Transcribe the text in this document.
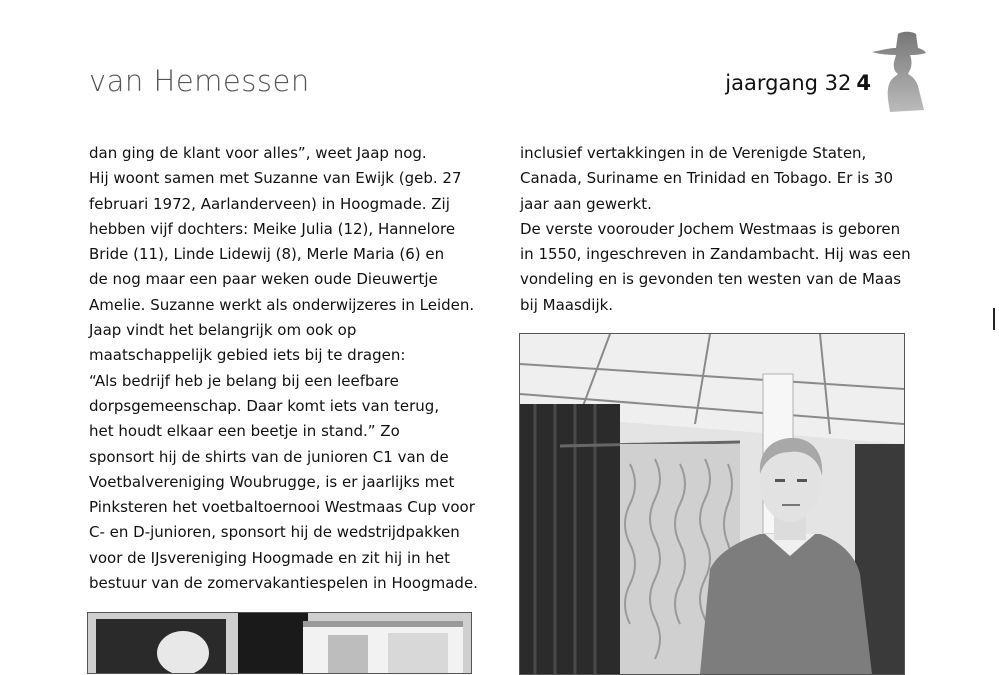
van Hemessen	jaargang 32 4
dan ging de klant voor alles”, weet Jaap nog.
Hij woont samen met Suzanne van Ewijk (geb. 27
februari 1972, Aarlanderveen) in Hoogmade. Zij
hebben vijf dochters: Meike Julia (12), Hannelore
Bride (11), Linde Lidewij (8), Merle Maria (6) en
de nog maar een paar weken oude Dieuwertje
Amelie. Suzanne werkt als onderwijzeres in Leiden.
Jaap vindt het belangrijk om ook op
maatschappelijk gebied iets bij te dragen:
“Als bedrijf heb je belang bij een leefbare
dorpsgemeenschap. Daar komt iets van terug,
het houdt elkaar een beetje in stand.” Zo
sponsort hij de shirts van de junioren C1 van de
Voetbalvereniging Woubrugge, is er jaarlijks met
Pinksteren het voetbaltoernooi Westmaas Cup voor
C- en D-junioren, sponsort hij de wedstrijdpakken
voor de IJsvereniging Hoogmade en zit hij in het
bestuur van de zomervakantiespelen in Hoogmade.
inclusief vertakkingen in de Verenigde Staten,
Canada, Suriname en Trinidad en Tobago. Er is 30
jaar aan gewerkt.
De verste voorouder Jochem Westmaas is geboren
in 1550, ingeschreven in Zandambacht. Hij was een
vondeling en is gevonden ten westen van de Maas
bij Maasdijk.
